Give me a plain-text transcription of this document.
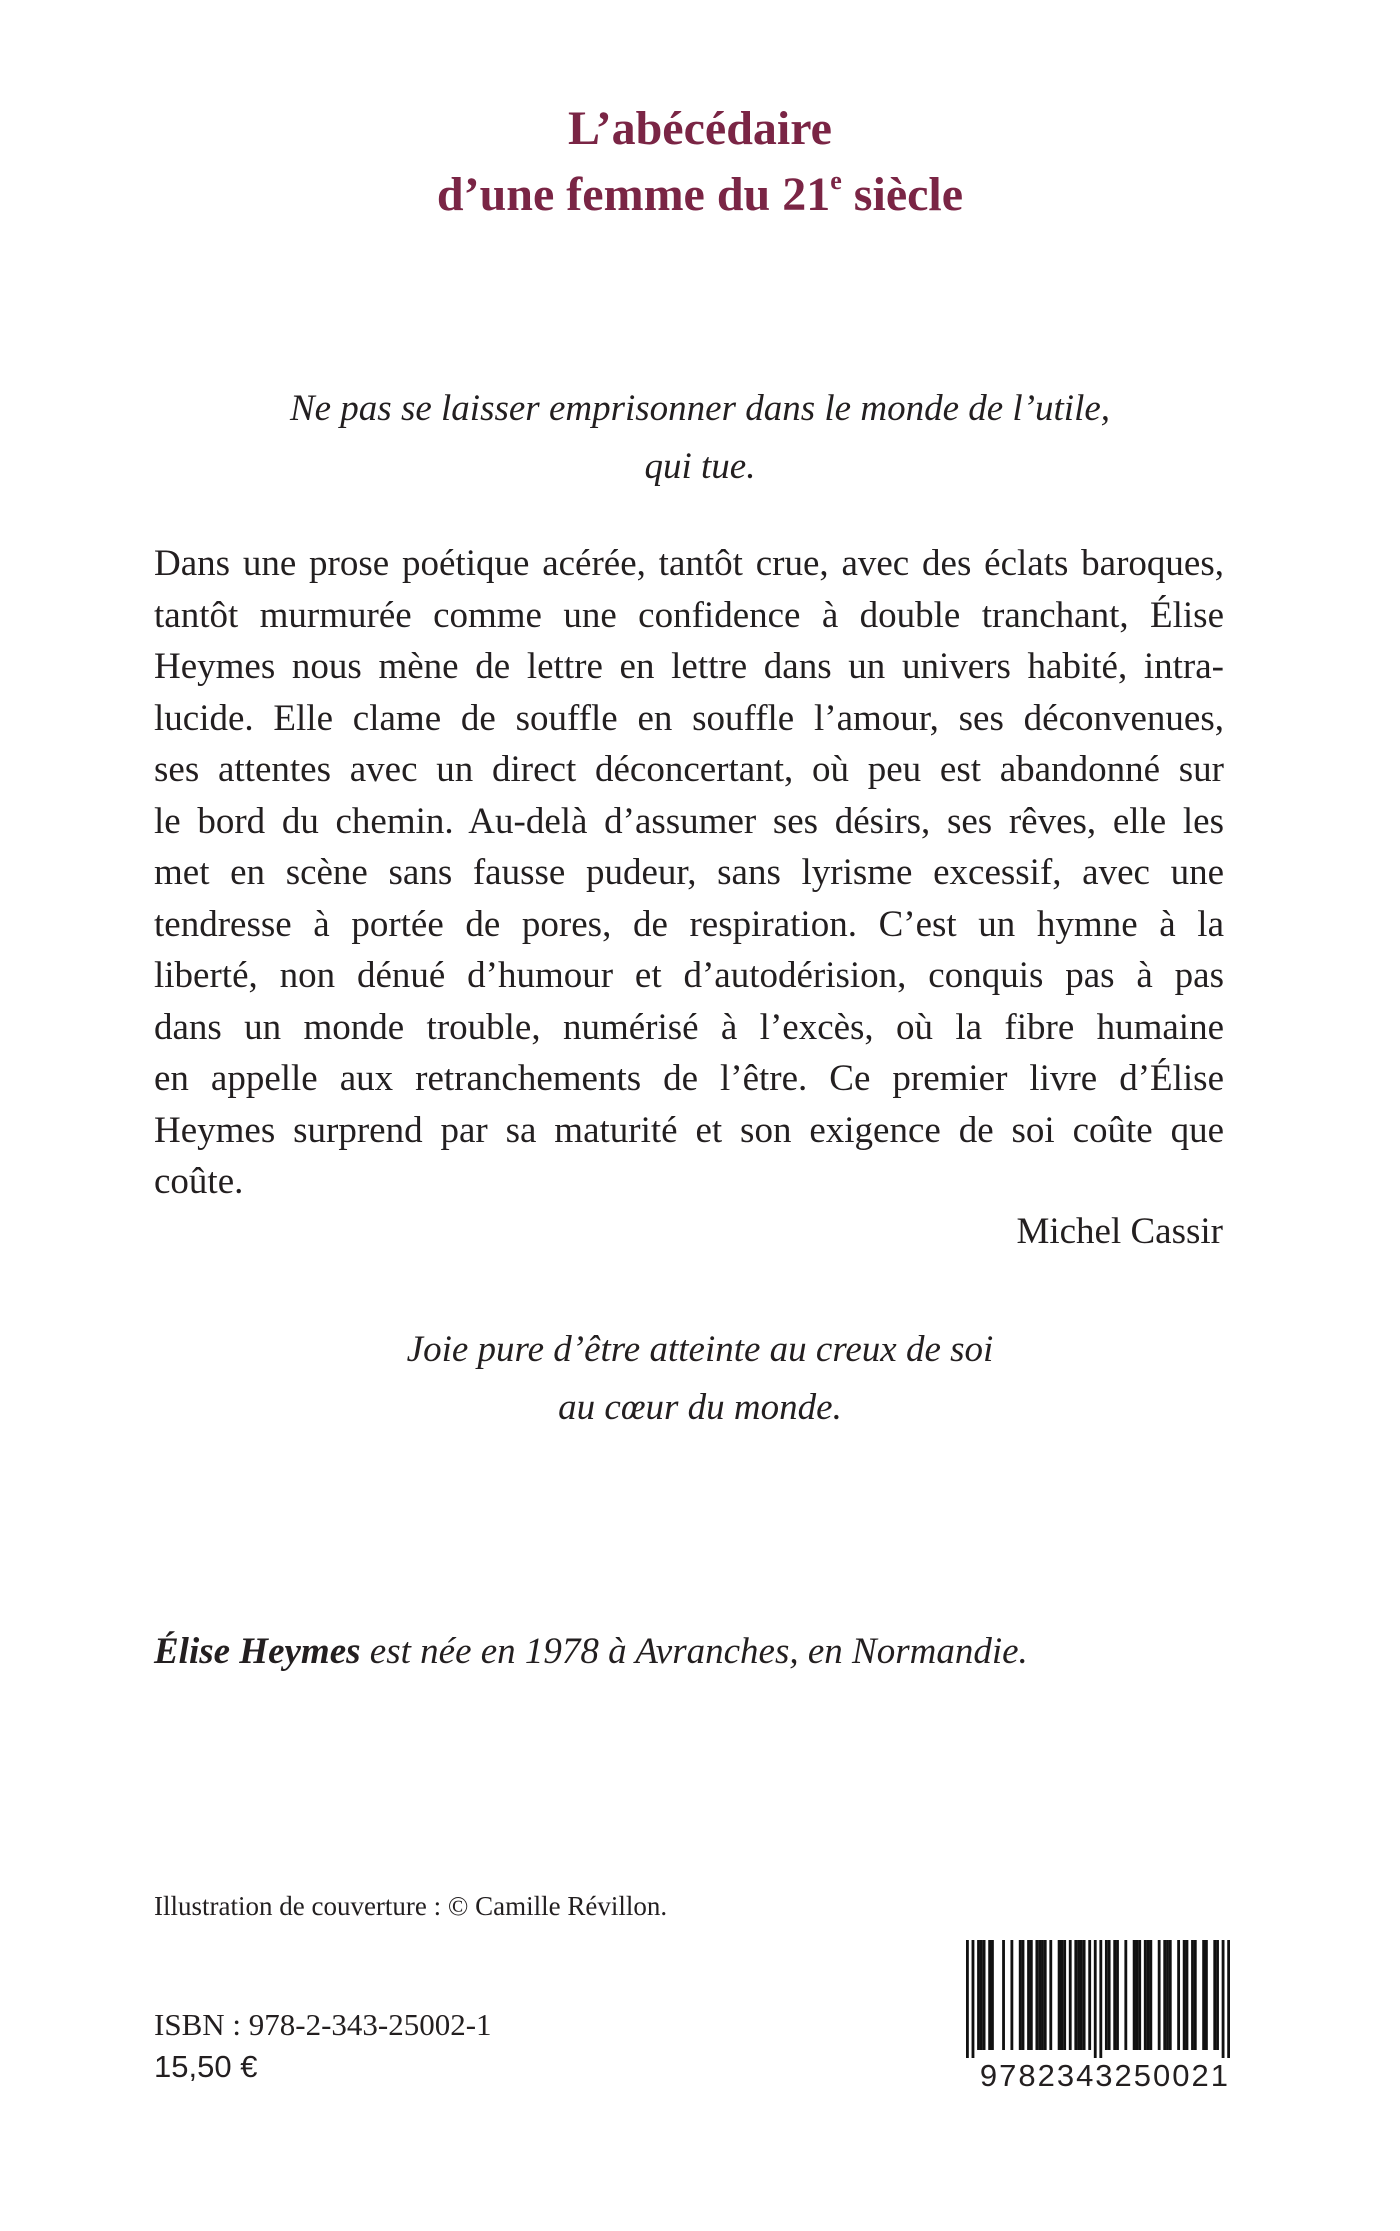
L’abécédaire
d’une femme du 21e siècle
Ne pas se laisser emprisonner dans le monde de l’utile,
qui tue.
Dans une prose poétique acérée, tantôt crue, avec des éclats baroques,
tantôt murmurée comme une confidence à double tranchant, Élise
Heymes nous mène de lettre en lettre dans un univers habité, intra-
lucide. Elle clame de souffle en souffle l’amour, ses déconvenues,
ses attentes avec un direct déconcertant, où peu est abandonné sur
le bord du chemin. Au-delà d’assumer ses désirs, ses rêves, elle les
met en scène sans fausse pudeur, sans lyrisme excessif, avec une
tendresse à portée de pores, de respiration. C’est un hymne à la
liberté, non dénué d’humour et d’autodérision, conquis pas à pas
dans un monde trouble, numérisé à l’excès, où la fibre humaine
en appelle aux retranchements de l’être. Ce premier livre d’Élise
Heymes surprend par sa maturité et son exigence de soi coûte que
coûte.
Michel Cassir
Joie pure d’être atteinte au creux de soi
au cœur du monde.
Élise Heymes est née en 1978 à Avranches, en Normandie.
Illustration de couverture : © Camille Révillon.
ISBN : 978-2-343-25002-1
15,50 €	9782343250021
